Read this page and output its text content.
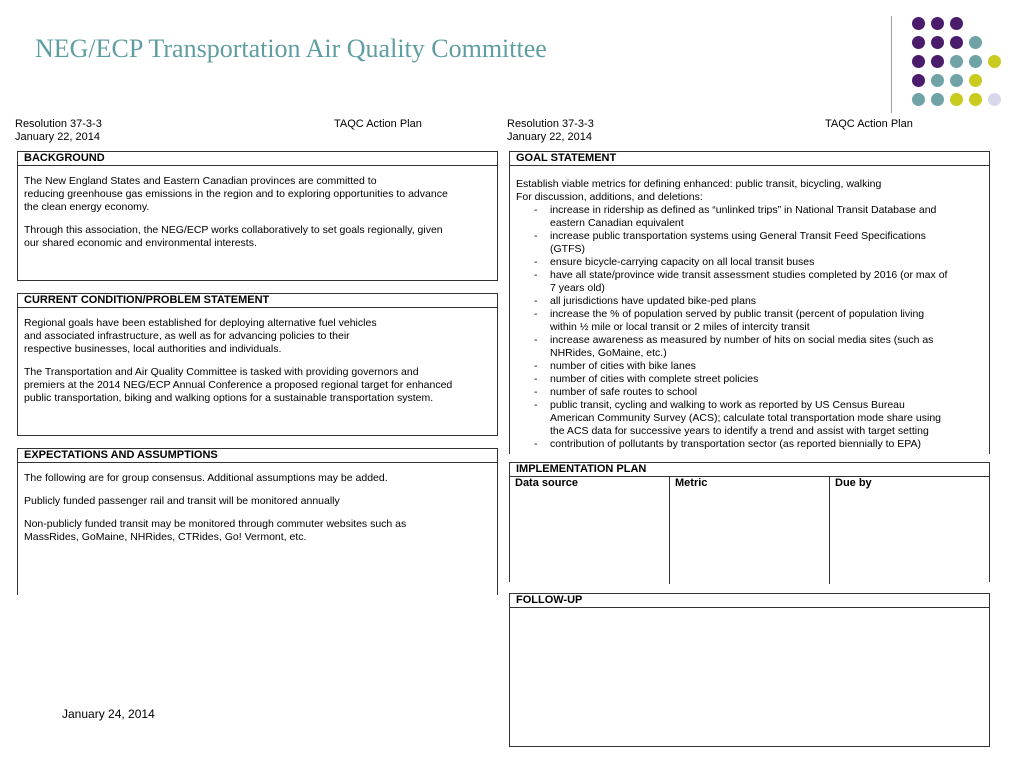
NEG/ECP Transportation Air Quality Committee
Resolution 37-3-3
January 22, 2014
TAQC Action Plan	Resolution 37-3-3
January 22, 2014
TAQC Action Plan
BACKGROUND

The New England States and Eastern Canadian provinces are committed to
reducing greenhouse gas emissions in the region and to exploring opportunities to advance
the clean energy economy.

Through this association, the NEG/ECP works collaboratively to set goals regionally, given
our shared economic and environmental interests.

CURRENT CONDITION/PROBLEM STATEMENT

Regional goals have been established for deploying alternative fuel vehicles
and associated infrastructure, as well as for advancing policies to their
respective businesses, local authorities and individuals.

The Transportation and Air Quality Committee is tasked with providing governors and
premiers at the 2014 NEG/ECP Annual Conference a proposed regional target for enhanced
public transportation, biking and walking options for a sustainable transportation system.

EXPECTATIONS AND ASSUMPTIONS

The following are for group consensus. Additional assumptions may be added.

Publicly funded passenger rail and transit will be monitored annually

Non-publicly funded transit may be monitored through commuter websites such as
MassRides, GoMaine, NHRides, CTRides, Go! Vermont, etc.

GOAL STATEMENT
Establish viable metrics for defining enhanced: public transit, bicycling, walking
For discussion, additions, and deletions:
- increase in ridership as defined as “unlinked trips” in National Transit Database and
eastern Canadian equivalent
- increase public transportation systems using General Transit Feed Specifications
(GTFS)
- ensure bicycle-carrying capacity on all local transit buses
- have all state/province wide transit assessment studies completed by 2016 (or max of
7 years old)
- all jurisdictions have updated bike-ped plans
- increase the % of population served by public transit (percent of population living
within ½ mile or local transit or 2 miles of intercity transit
- increase awareness as measured by number of hits on social media sites (such as
NHRides, GoMaine, etc.)
- number of cities with bike lanes
- number of cities with complete street policies
- number of safe routes to school
- public transit, cycling and walking to work as reported by US Census Bureau
American Community Survey (ACS); calculate total transportation mode share using
the ACS data for successive years to identify a trend and assist with target setting
- contribution of pollutants by transportation sector (as reported biennially to EPA)
IMPLEMENTATION PLAN
Data source	Metric	Due by
FOLLOW-UP
January 24, 2014
